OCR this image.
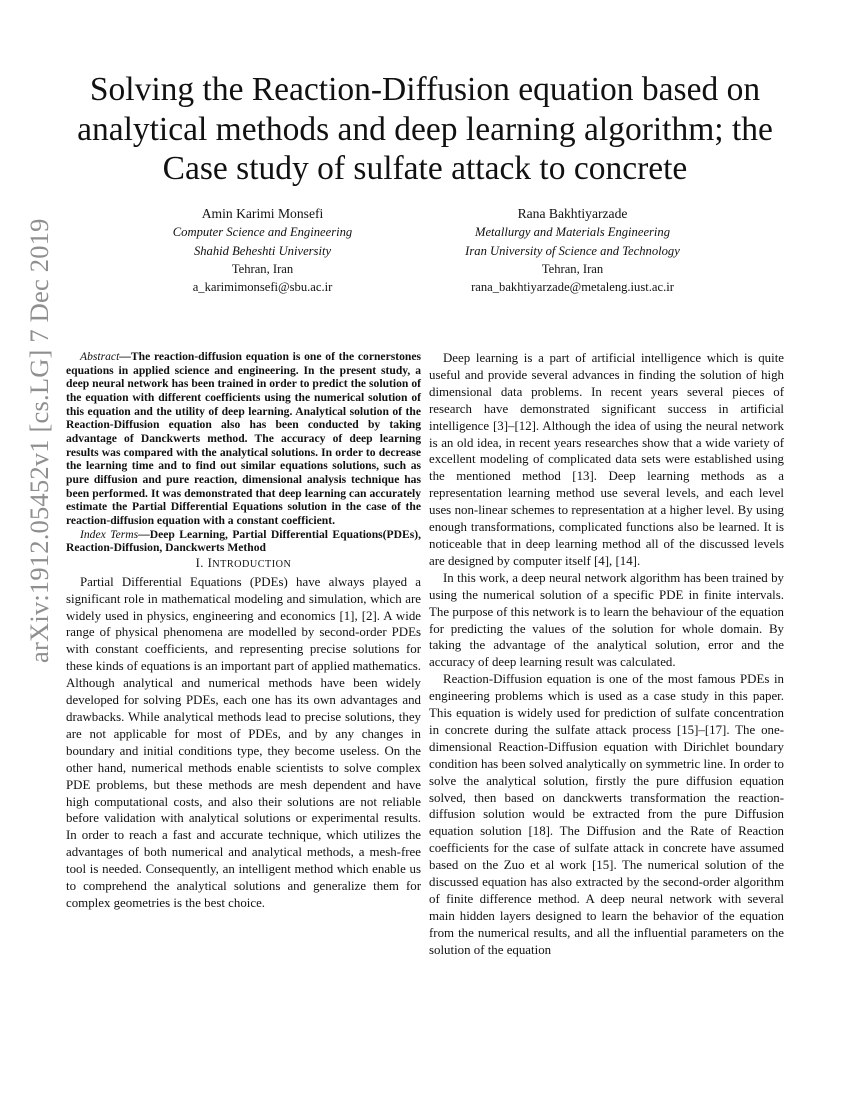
arXiv:1912.05452v1 [cs.LG] 7 Dec 2019
Solving the Reaction-Diffusion equation based on analytical methods and deep learning algorithm; the Case study of sulfate attack to concrete
Amin Karimi Monsefi
Computer Science and Engineering
Shahid Beheshti University
Tehran, Iran
a_karimimonsefi@sbu.ac.ir
Rana Bakhtiyarzade
Metallurgy and Materials Engineering
Iran University of Science and Technology
Tehran, Iran
rana_bakhtiyarzade@metaleng.iust.ac.ir

Abstract—The reaction-diffusion equation is one of the cornerstones equations in applied science and engineering. In the present study, a deep neural network has been trained in order to predict the solution of the equation with different coefficients using the numerical solution of this equation and the utility of deep learning. Analytical solution of the Reaction-Diffusion equation also has been conducted by taking advantage of Danckwerts method. The accuracy of deep learning results was compared with the analytical solutions. In order to decrease the learning time and to find out similar equations solutions, such as pure diffusion and pure reaction, dimensional analysis technique has been performed. It was demonstrated that deep learning can accurately estimate the Partial Differential Equations solution in the case of the reaction-diffusion equation with a constant coefficient.

Index Terms—Deep Learning, Partial Differential Equations(PDEs), Reaction-Diffusion, Danckwerts Method

I. INTRODUCTION

Partial Differential Equations (PDEs) have always played a significant role in mathematical modeling and simulation, which are widely used in physics, engineering and economics [1], [2]. A wide range of physical phenomena are modelled by second-order PDEs with constant coefficients, and representing precise solutions for these kinds of equations is an important part of applied mathematics. Although analytical and numerical methods have been widely developed for solving PDEs, each one has its own advantages and drawbacks. While analytical methods lead to precise solutions, they are not applicable for most of PDEs, and by any changes in boundary and initial conditions type, they become useless. On the other hand, numerical methods enable scientists to solve complex PDE problems, but these methods are mesh dependent and have high computational costs, and also their solutions are not reliable before validation with analytical solutions or experimental results. In order to reach a fast and accurate technique, which utilizes the advantages of both numerical and analytical methods, a mesh-free tool is needed. Consequently, an intelligent method which enable us to comprehend the analytical solutions and generalize them for complex geometries is the best choice.

Deep learning is a part of artificial intelligence which is quite useful and provide several advances in finding the solution of high dimensional data problems. In recent years several pieces of research have demonstrated significant success in artificial intelligence [3]–[12]. Although the idea of using the neural network is an old idea, in recent years researches show that a wide variety of excellent modeling of complicated data sets were established using the mentioned method [13]. Deep learning methods as a representation learning method use several levels, and each level uses non-linear schemes to representation at a higher level. By using enough transformations, complicated functions also be learned. It is noticeable that in deep learning method all of the discussed levels are designed by computer itself [4], [14].

In this work, a deep neural network algorithm has been trained by using the numerical solution of a specific PDE in finite intervals. The purpose of this network is to learn the behaviour of the equation for predicting the values of the solution for whole domain. By taking the advantage of the analytical solution, error and the accuracy of deep learning result was calculated.

Reaction-Diffusion equation is one of the most famous PDEs in engineering problems which is used as a case study in this paper. This equation is widely used for prediction of sulfate concentration in concrete during the sulfate attack process [15]–[17]. The one-dimensional Reaction-Diffusion equation with Dirichlet boundary condition has been solved analytically on symmetric line. In order to solve the analytical solution, firstly the pure diffusion equation solved, then based on danckwerts transformation the reaction-diffusion solution would be extracted from the pure Diffusion equation solution [18]. The Diffusion and the Rate of Reaction coefficients for the case of sulfate attack in concrete have assumed based on the Zuo et al work [15]. The numerical solution of the discussed equation has also extracted by the second-order algorithm of finite difference method. A deep neural network with several main hidden layers designed to learn the behavior of the equation from the numerical results, and all the influential parameters on the solution of the equation
